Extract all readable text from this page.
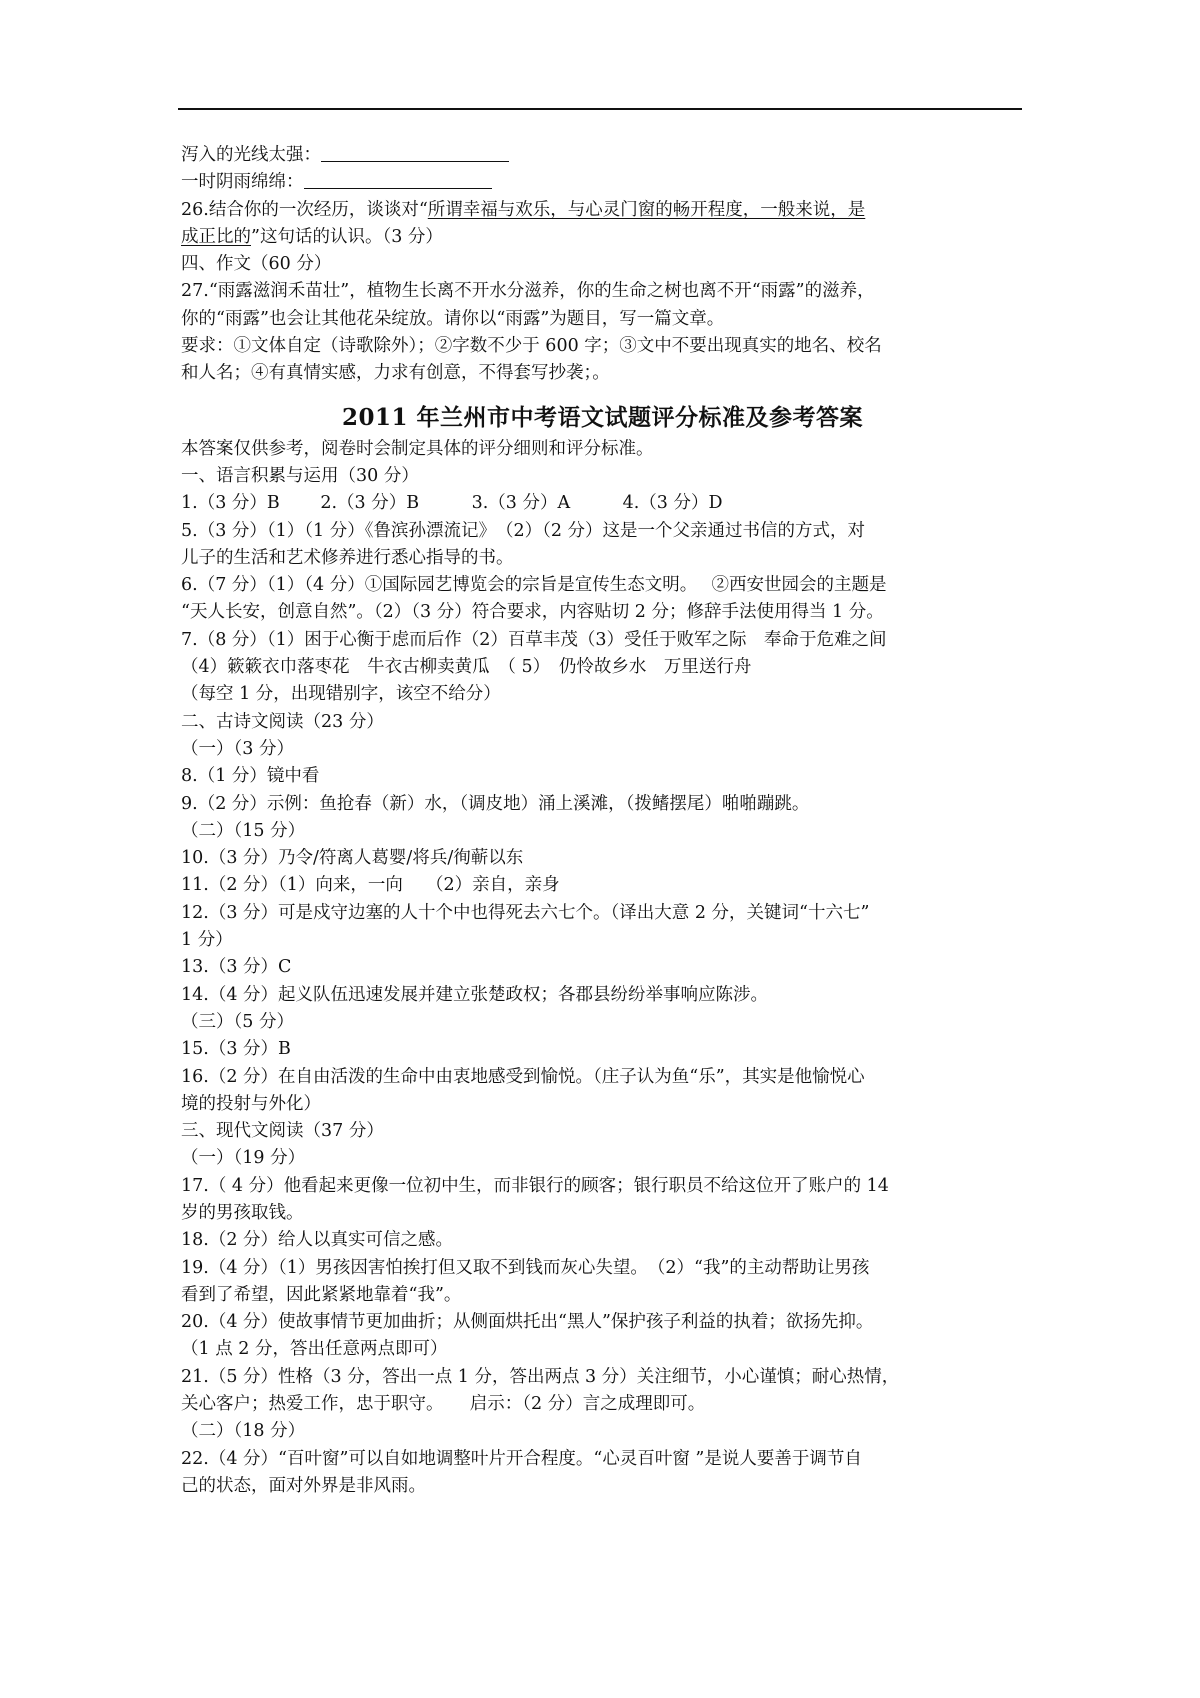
泻入的光线太强：

一时阴雨绵绵：

26.结合你的一次经历，谈谈对“所谓幸福与欢乐，与心灵门窗的畅开程度，一般来说，是

成正比的”这句话的认识。（3 分）

四、作文（60 分）

27.“雨露滋润禾苗壮”，植物生长离不开水分滋养，你的生命之树也离不开“雨露”的滋养，

你的“雨露”也会让其他花朵绽放。请你以“雨露”为题目，写一篇文章。

要求：①文体自定（诗歌除外）；②字数不少于 600 字；③文中不要出现真实的地名、校名

和人名；④有真情实感，力求有创意，不得套写抄袭；。

2011 年兰州市中考语文试题评分标准及参考答案

本答案仅供参考，阅卷时会制定具体的评分细则和评分标准。

一、语言积累与运用（30 分）

1.（3 分）B　　 2.（3 分）B　　　3.（3 分）A　　　4.（3 分）D

5.（3 分）（1）（1 分）《鲁滨孙漂流记》　（2）（2 分）这是一个父亲通过书信的方式，对

儿子的生活和艺术修养进行悉心指导的书。

6.（7 分）（1）（4 分）①国际园艺博览会的宗旨是宣传生态文明。　 ②西安世园会的主题是

“天人长安，创意自然”。（2）（3 分）符合要求，内容贴切 2 分；修辞手法使用得当 1 分。

7.（8 分）（1）困于心衡于虑而后作（2）百草丰茂（3）受任于败军之际　奉命于危难之间

（4）簌簌衣巾落枣花　牛衣古柳卖黄瓜　（ 5）　仍怜故乡水　万里送行舟

（每空 1 分，出现错别字，该空不给分）

二、古诗文阅读（23 分）

（一）（3 分）

8.（1 分）镜中看

9.（2 分）示例：鱼抢春（新）水，（调皮地）涌上溪滩，（拨鳍摆尾）啪啪蹦跳。

（二）（15 分）

10.（3 分）乃令/符离人葛婴/将兵/徇蕲以东

11.（2 分）（1）向来，一向　 （2）亲自，亲身

12.（3 分）可是戍守边塞的人十个中也得死去六七个。（译出大意 2 分，关键词“十六七”

1 分）

13.（3 分）C

14.（4 分）起义队伍迅速发展并建立张楚政权；各郡县纷纷举事响应陈涉。

（三）（5 分）

15.（3 分）B

16.（2 分）在自由活泼的生命中由衷地感受到愉悦。（庄子认为鱼“乐”，其实是他愉悦心

境的投射与外化）

三、现代文阅读（37 分）

（一）（19 分）

17.（ 4 分）他看起来更像一位初中生，而非银行的顾客；银行职员不给这位开了账户的 14

岁的男孩取钱。

18.（2 分）给人以真实可信之感。

19.（4 分）（1）男孩因害怕挨打但又取不到钱而灰心失望。　（2）“我”的主动帮助让男孩

看到了希望，因此紧紧地靠着“我”。

20.（4 分）使故事情节更加曲折；从侧面烘托出“黑人”保护孩子利益的执着；欲扬先抑。

（1 点 2 分，答出任意两点即可）

21.（5 分）性格（3 分，答出一点 1 分，答出两点 3 分）关注细节，小心谨慎；耐心热情，

关心客户；热爱工作，忠于职守。　　启示：（2 分）言之成理即可。

（二）（18 分）

22.（4 分）“百叶窗”可以自如地调整叶片开合程度。“心灵百叶窗 ”是说人要善于调节自

己的状态，面对外界是非风雨。
